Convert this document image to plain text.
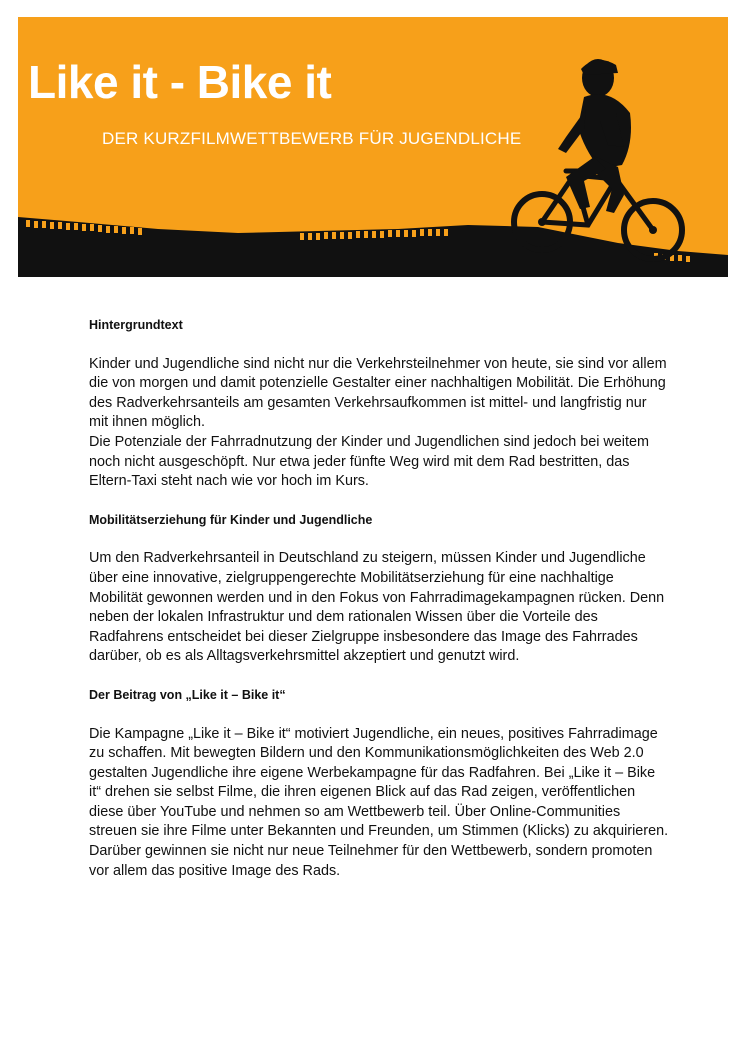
Like it - Bike it
DER KURZFILMWETTBEWERB FÜR JUGENDLICHE
Hintergrundtext

Kinder und Jugendliche sind nicht nur die Verkehrsteilnehmer von heute, sie sind vor allem die von morgen und damit potenzielle Gestalter einer nachhaltigen Mobilität. Die Erhöhung des Radverkehrsanteils am gesamten Verkehrsaufkommen ist mittel- und langfristig nur mit ihnen möglich.

Die Potenziale der Fahrradnutzung der Kinder und Jugendlichen sind jedoch bei weitem noch nicht ausgeschöpft. Nur etwa jeder fünfte Weg wird mit dem Rad bestritten, das Eltern-Taxi steht nach wie vor hoch im Kurs.

Mobilitätserziehung für Kinder und Jugendliche

Um den Radverkehrsanteil in Deutschland zu steigern, müssen Kinder und Jugendliche über eine innovative, zielgruppengerechte Mobilitätserziehung für eine nachhaltige Mobilität gewonnen werden und in den Fokus von Fahrradimagekampagnen rücken. Denn neben der lokalen Infrastruktur und dem rationalen Wissen über die Vorteile des Radfahrens entscheidet bei dieser Zielgruppe insbesondere das Image des Fahrrades darüber, ob es als Alltagsverkehrsmittel akzeptiert und genutzt wird.

Der Beitrag von „Like it – Bike it“

Die Kampagne „Like it – Bike it“ motiviert Jugendliche, ein neues, positives Fahrradimage zu schaffen. Mit bewegten Bildern und den Kommunikationsmöglichkeiten des Web 2.0 gestalten Jugendliche ihre eigene Werbekampagne für das Radfahren. Bei „Like it – Bike it“ drehen sie selbst Filme, die ihren eigenen Blick auf das Rad zeigen, veröffentlichen diese über YouTube und nehmen so am Wettbewerb teil. Über Online-Communities streuen sie ihre Filme unter Bekannten und Freunden, um Stimmen (Klicks) zu akquirieren. Darüber gewinnen sie nicht nur neue Teilnehmer für den Wettbewerb, sondern promoten vor allem das positive Image des Rads.
